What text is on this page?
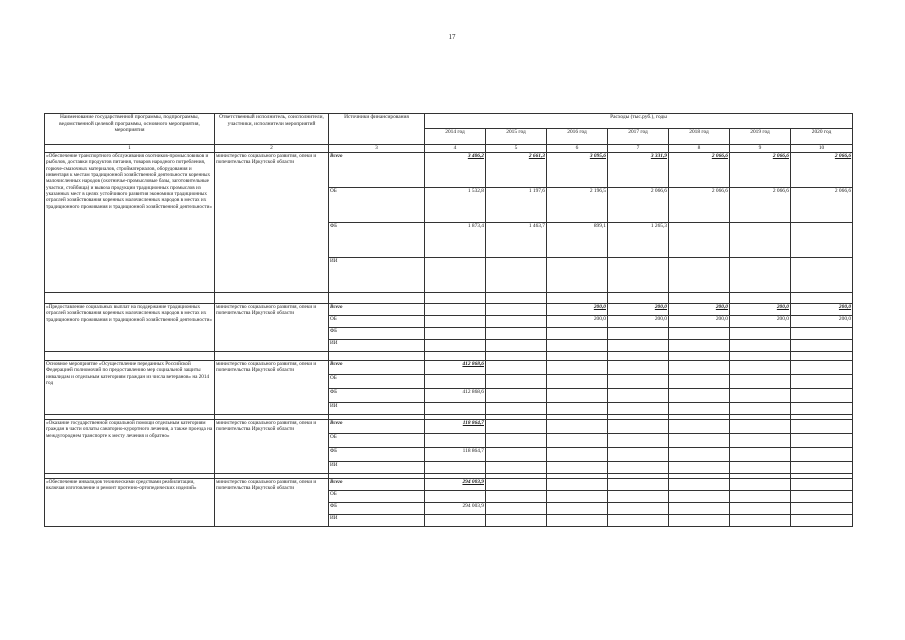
17
Наименование государственной программы, подпрограммы, ведомственной целевой программы, основного мероприятия, мероприятия	Ответственный исполнитель, соисполнители, участники, исполнители мероприятий	Источники финансирования	Расходы (тыс.руб.), годы						
			2014 год	2015 год	2016 год	2017 год	2018 год	2019 год	2020 год
1	2	3	4	5	6	7	8	9	10
«Обеспечение транспортного обслуживания охотников-промысловиков и рыболов, доставки продуктов питания, товаров народного потребления, горюче-смазочных материалов, стройматериалов, оборудования и инвентаря к местам традиционной хозяйственной деятельности коренных малочисленных народов (охотничье-промысловые базы, заготовительные участки, стойбища) и вывоза продукции традиционных промыслов из указанных мест в целях устойчивого развития экономики традиционных отраслей хозяйствования коренных малочисленных народов в местах их традиционного проживания и традиционной хозяйственной деятельности»	министерство социального развития, опеки и попечительства Иркутской области	Всего	3 406,2	2 661,3	3 095,6	3 331,9	2 066,6	2 066,6	2 066,6
		ОБ	1 532,8	1 197,6	2 196,5	2 066,6	2 066,6	2 066,6	2 066,6
		ФБ	1 873,4	1 463,7	899,1	1 265,3			
		ИИ							

«Предоставление социальных выплат на поддержание традиционных отраслей хозяйствования коренных малочисленных народов в местах их традиционного проживания и традиционной хозяйственной деятельности»	министерство социального развития, опеки и попечительства Иркутской области	Всего			200,0	200,0	200,0	200,0	200,0
		ОБ			200,0	200,0	200,0	200,0	200,0
		ФБ							
		ИИ							

Основное мероприятие «Осуществление переданных Российской Федерацией полномочий по предоставлению мер социальной защиты инвалидам и отдельным категориям граждан из числа ветеранов» на 2014 год	министерство социального развития, опеки и попечительства Иркутской области	Всего	412 868,6						
		ОБ							
		ФБ	412 868,6						
		ИИ							

«Оказание государственной социальной помощи отдельным категориям граждан в части оплаты санаторно-курортного лечения, а также проезда на междугороднем транспорте к месту лечения и обратно»	министерство социального развития, опеки и попечительства Иркутской области	Всего	118 864,7						
		ОБ							
		ФБ	118 864,7						
		ИИ							

«Обеспечение инвалидов техническими средствами реабилитации, включая изготовление и ремонт протезно-ортопедических изделий»	министерство социального развития, опеки и попечительства Иркутской области	Всего	294 003,9						
		ОБ							
		ФБ	294 003,9						
		ИИ							
